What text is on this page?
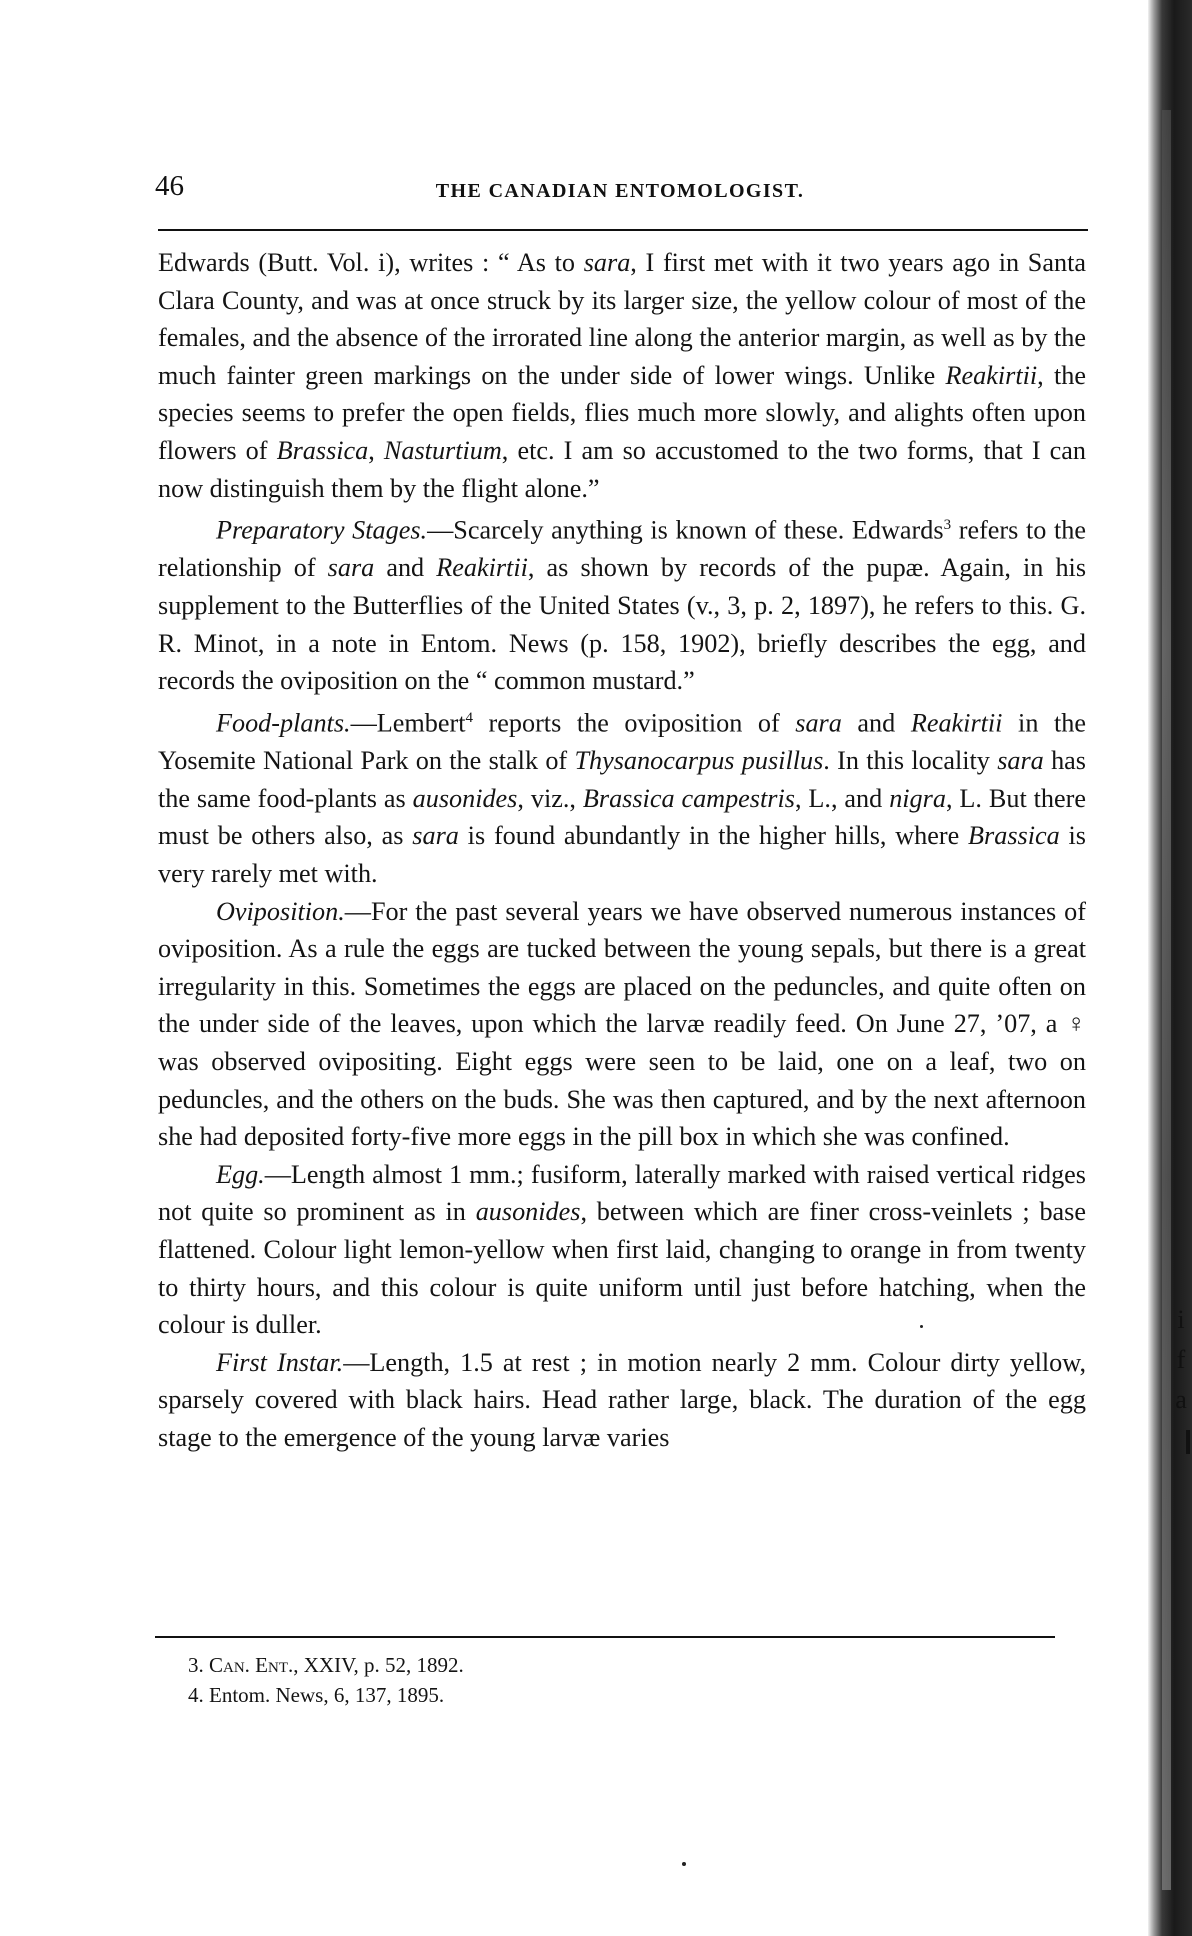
i
f
a
46	THE CANADIAN ENTOMOLOGIST.

Edwards (Butt. Vol. i), writes : “ As to sara, I first met with it two years ago in Santa Clara County, and was at once struck by its larger size, the yellow colour of most of the females, and the absence of the irrorated line along the anterior margin, as well as by the much fainter green markings on the under side of lower wings. Unlike Reakirtii, the species seems to prefer the open fields, flies much more slowly, and alights often upon flowers of Brassica, Nasturtium, etc. I am so accustomed to the two forms, that I can now distinguish them by the flight alone.”

Preparatory Stages.—Scarcely anything is known of these. Edwards$^3$ refers to the relationship of sara and Reakirtii, as shown by records of the pupæ. Again, in his supplement to the Butterflies of the United States (v., 3, p. 2, 1897), he refers to this. G. R. Minot, in a note in Entom. News (p. 158, 1902), briefly describes the egg, and records the oviposition on the “ common mustard.”

Food-plants.—Lembert$^4$ reports the oviposition of sara and Reakirtii in the Yosemite National Park on the stalk of Thysanocarpus pusillus. In this locality sara has the same food-plants as ausonides, viz., Brassica campestris, L., and nigra, L. But there must be others also, as sara is found abundantly in the higher hills, where Brassica is very rarely met with.

Oviposition.—For the past several years we have observed numerous instances of oviposition. As a rule the eggs are tucked between the young sepals, but there is a great irregularity in this. Sometimes the eggs are placed on the peduncles, and quite often on the under side of the leaves, upon which the larvæ readily feed. On June 27, ’07, a ♀ was observed ovipositing. Eight eggs were seen to be laid, one on a leaf, two on peduncles, and the others on the buds. She was then captured, and by the next afternoon she had deposited forty-five more eggs in the pill box in which she was confined.

Egg.—Length almost 1 mm.; fusiform, laterally marked with raised vertical ridges not quite so prominent as in ausonides, between which are finer cross-veinlets ; base flattened. Colour light lemon-yellow when first laid, changing to orange in from twenty to thirty hours, and this colour is quite uniform until just before hatching, when the colour is duller.

First Instar.—Length, 1.5 at rest ; in motion nearly 2 mm. Colour dirty yellow, sparsely covered with black hairs. Head rather large, black. The duration of the egg stage to the emergence of the young larvæ varies

3. Can. Ent., XXIV, p. 52, 1892.
4. Entom. News, 6, 137, 1895.
